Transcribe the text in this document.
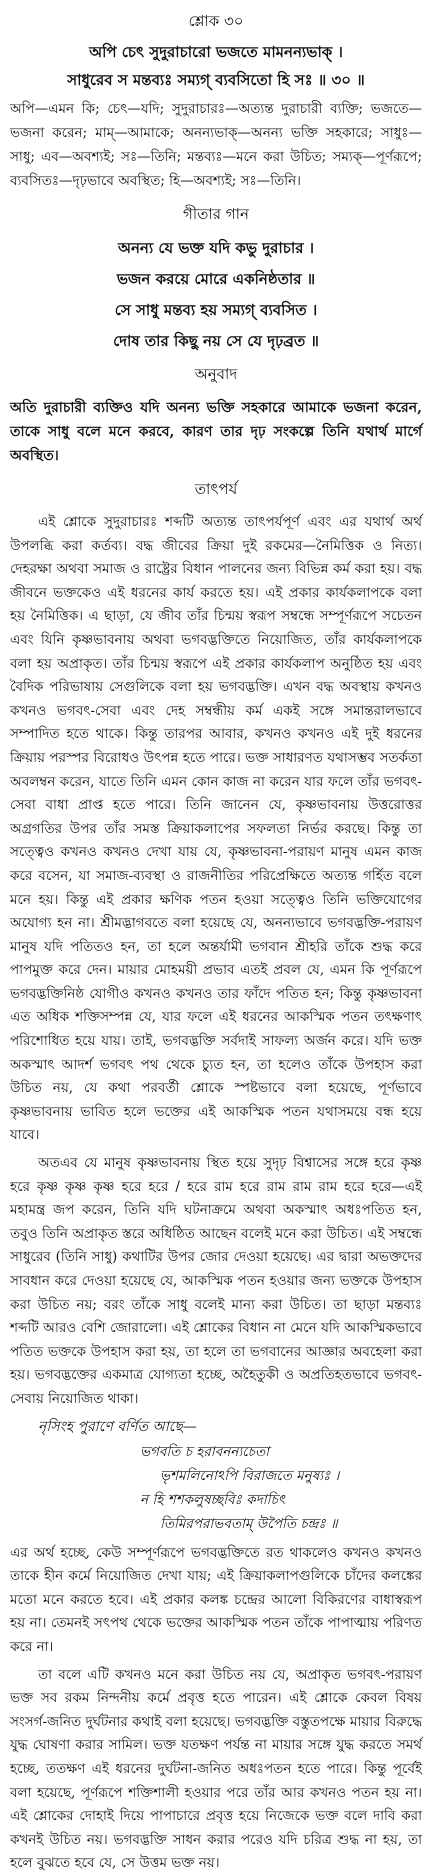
শ্লোক ৩০
অপি চেৎ সুদুরাচারো ভজতে মামনন্যভাক্ ।
সাধুরেব স মন্তব্যঃ সম্যগ্ ব্যবসিতো হি সঃ ॥ ৩০ ॥

অপি—এমন কি; চেৎ—যদি; সুদুরাচারঃ—অত্যন্ত দুরাচারী ব্যক্তি; ভজতে—ভজনা করেন; মাম্—আমাকে; অনন্যভাক্—অনন্য ভক্তি সহকারে; সাধুঃ—সাধু; এব—অবশ্যই; সঃ—তিনি; মন্তব্যঃ—মনে করা উচিত; সম্যক্—পূর্ণরূপে; ব্যবসিতঃ—দৃঢ়ভাবে অবস্থিত; হি—অবশ্যই; সঃ—তিনি।

গীতার গান
অনন্য যে ভক্ত যদি কভু দুরাচার ।
ভজন করয়ে মোরে একনিষ্ঠতার ॥
সে সাধু মন্তব্য হয় সম্যগ্ ব্যবসিত ।
দোষ তার কিছু নয় সে যে দৃঢ়ব্রত ॥
অনুবাদ

অতি দুরাচারী ব্যক্তিও যদি অনন্য ভক্তি সহকারে আমাকে ভজনা করেন, তাকে সাধু বলে মনে করবে, কারণ তার দৃঢ় সংকল্পে তিনি যথার্থ মার্গে অবস্থিত।

তাৎপর্য

এই শ্লোকে সুদুরাচারঃ শব্দটি অত্যন্ত তাৎপর্যপূর্ণ এবং এর যথার্থ অর্থ উপলব্ধি করা কর্তব্য। বদ্ধ জীবের ক্রিয়া দুই রকমের—নৈমিত্তিক ও নিত্য। দেহরক্ষা অথবা সমাজ ও রাষ্ট্রের বিধান পালনের জন্য বিভিন্ন কর্ম করা হয়। বদ্ধ জীবনে ভক্তকেও এই ধরনের কার্য করতে হয়। এই প্রকার কার্যকলাপকে বলা হয় নৈমিত্তিক। এ ছাড়া, যে জীব তাঁর চিন্ময় স্বরূপ সম্বন্ধে সম্পূর্ণরূপে সচেতন এবং যিনি কৃষ্ণভাবনায় অথবা ভগবদ্ভক্তিতে নিয়োজিত, তাঁর কার্যকলাপকে বলা হয় অপ্রাকৃত। তাঁর চিন্ময় স্বরূপে এই প্রকার কার্যকলাপ অনুষ্ঠিত হয় এবং বৈদিক পরিভাষায় সেগুলিকে বলা হয় ভগবদ্ভক্তি। এখন বদ্ধ অবস্থায় কখনও কখনও ভগবৎ-সেবা এবং দেহ সম্বন্ধীয় কর্ম একই সঙ্গে সমান্তরালভাবে সম্পাদিত হতে থাকে। কিন্তু তারপর আবার, কখনও কখনও এই দুই ধরনের ক্রিয়ায় পরস্পর বিরোধও উৎপন্ন হতে পারে। ভক্ত সাধারণত যথাসম্ভব সতর্কতা অবলম্বন করেন, যাতে তিনি এমন কোন কাজ না করেন যার ফলে তাঁর ভগবৎ-সেবা বাধা প্রাপ্ত হতে পারে। তিনি জানেন যে, কৃষ্ণভাবনায় উত্তরোত্তর অগ্রগতির উপর তাঁর সমস্ত ক্রিয়াকলাপের সফলতা নির্ভর করছে। কিন্তু তা সত্ত্বেও কখনও কখনও দেখা যায় যে, কৃষ্ণভাবনা-পরায়ণ মানুষ এমন কাজ করে বসেন, যা সমাজ-ব্যবস্থা ও রাজনীতির পরিপ্রেক্ষিতে অত্যন্ত গর্হিত বলে মনে হয়। কিন্তু এই প্রকার ক্ষণিক পতন হওয়া সত্ত্বেও তিনি ভক্তিযোগের অযোগ্য হন না। শ্রীমদ্ভাগবতে বলা হয়েছে যে, অনন্যভাবে ভগবদ্ভক্তি-পরায়ণ মানুষ যদি পতিতও হন, তা হলে অন্তর্যামী ভগবান শ্রীহরি তাঁকে শুদ্ধ করে পাপমুক্ত করে দেন। মায়ার মোহময়ী প্রভাব এতই প্রবল যে, এমন কি পূর্ণরূপে ভগবদ্ভক্তিনিষ্ঠ যোগীও কখনও কখনও তার ফাঁদে পতিত হন; কিন্তু কৃষ্ণভাবনা এত অধিক শক্তিসম্পন্ন যে, যার ফলে এই ধরনের আকস্মিক পতন তৎক্ষণাৎ পরিশোধিত হয়ে যায়। তাই, ভগবদ্ভক্তি সর্বদাই সাফল্য অর্জন করে। যদি ভক্ত অকস্মাৎ আদর্শ ভগবৎ পথ থেকে চ্যুত হন, তা হলেও তাঁকে উপহাস করা উচিত নয়, যে কথা পরবর্তী শ্লোকে স্পষ্টভাবে বলা হয়েছে, পূর্ণভাবে কৃষ্ণভাবনায় ভাবিত হলে ভক্তের এই আকস্মিক পতন যথাসময়ে বন্ধ হয়ে যাবে।

অতএব যে মানুষ কৃষ্ণভাবনায় স্থিত হয়ে সুদৃঢ় বিশ্বাসের সঙ্গে হরে কৃষ্ণ হরে কৃষ্ণ কৃষ্ণ কৃষ্ণ হরে হরে / হরে রাম হরে রাম রাম রাম হরে হরে—এই মহামন্ত্র জপ করেন, তিনি যদি ঘটনাক্রমে অথবা অকস্মাৎ অধঃপতিত হন, তবুও তিনি অপ্রাকৃত স্তরে অধিষ্ঠিত আছেন বলেই মনে করা উচিত। এই সম্বন্ধে সাধুরেব (তিনি সাধু) কথাটির উপর জোর দেওয়া হয়েছে। এর দ্বারা অভক্তদের সাবধান করে দেওয়া হয়েছে যে, আকস্মিক পতন হওয়ার জন্য ভক্তকে উপহাস করা উচিত নয়; বরং তাঁকে সাধু বলেই মান্য করা উচিত। তা ছাড়া মন্তব্যঃ শব্দটি আরও বেশি জোরালো। এই শ্লোকের বিধান না মেনে যদি আকস্মিকভাবে পতিত ভক্তকে উপহাস করা হয়, তা হলে তা ভগবানের আজ্ঞার অবহেলা করা হয়। ভগবদ্ভক্তের একমাত্র যোগ্যতা হচ্ছে, অহৈতুকী ও অপ্রতিহতভাবে ভগবৎ-সেবায় নিয়োজিত থাকা।

নৃসিংহ পুরাণে বর্ণিত আছে—
ভগবতি চ হরাবনন্যচেতা
ভৃশমলিনোঽপি বিরাজতে মনুষ্যঃ ।
ন হি শশকলুষচ্ছবিঃ কদাচিৎ
তিমিরপরাভবতাম্ উপৈতি চন্দ্রঃ ॥

এর অর্থ হচ্ছে, কেউ সম্পূর্ণরূপে ভগবদ্ভক্তিতে রত থাকলেও কখনও কখনও তাকে হীন কর্মে নিয়োজিত দেখা যায়; এই ক্রিয়াকলাপগুলিকে চাঁদের কলঙ্কের মতো মনে করতে হবে। এই প্রকার কলঙ্ক চন্দ্রের আলো বিকিরণের বাধাস্বরূপ হয় না। তেমনই সৎপথ থেকে ভক্তের আকস্মিক পতন তাঁকে পাপাত্মায় পরিণত করে না।

তা বলে এটি কখনও মনে করা উচিত নয় যে, অপ্রাকৃত ভগবৎ-পরায়ণ ভক্ত সব রকম নিন্দনীয় কর্মে প্রবৃত্ত হতে পারেন। এই শ্লোকে কেবল বিষয় সংসর্গ-জনিত দুর্ঘটনার কথাই বলা হয়েছে। ভগবদ্ভক্তি বস্তুতপক্ষে মায়ার বিরুদ্ধে যুদ্ধ ঘোষণা করার সামিল। ভক্ত যতক্ষণ পর্যন্ত না মায়ার সঙ্গে যুদ্ধ করতে সমর্থ হচ্ছে, ততক্ষণ এই ধরনের দুর্ঘটনা-জনিত অধঃপতন হতে পারে। কিন্তু পূর্বেই বলা হয়েছে, পূর্ণরূপে শক্তিশালী হওয়ার পরে তাঁর আর কখনও পতন হয় না। এই শ্লোকের দোহাই দিয়ে পাপাচারে প্রবৃত্ত হয়ে নিজেকে ভক্ত বলে দাবি করা কখনই উচিত নয়। ভগবদ্ভক্তি সাধন করার পরেও যদি চরিত্র শুদ্ধ না হয়, তা হলে বুঝতে হবে যে, সে উত্তম ভক্ত নয়।
